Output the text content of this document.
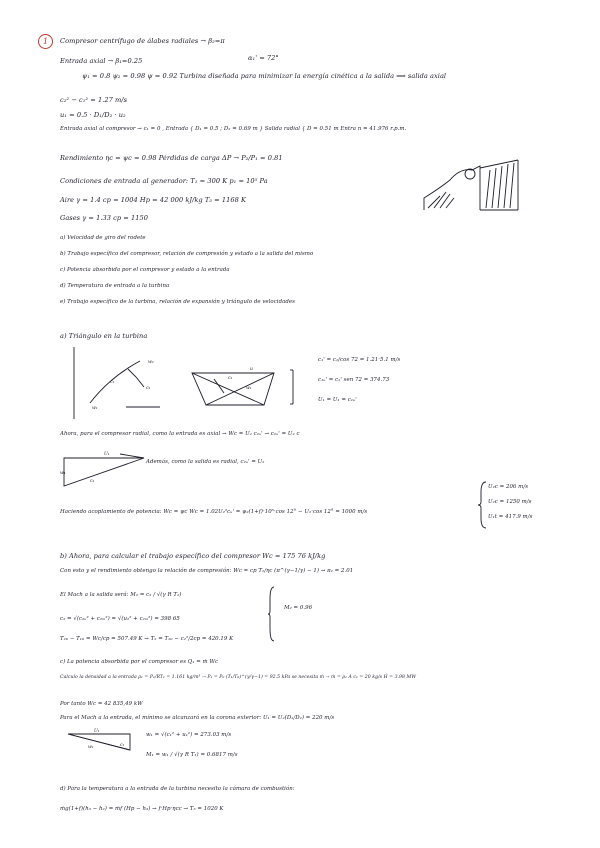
1	Compresor centrífugo de álabes radiales → β₂=π
α₁' = 72°
Entrada axial → β₁=0.25
ψ₁ = 0.8 ψ₂ = 0.98 ψ = 0.92 Turbina diseñada para minimizar la energía cinética a la salida ⟹ salida axial
c₂² − c₁² = 1.27 m/s
u₁ = 0.5 · D₁/D₂ · u₂
Entrada axial al compresor → c₁ = 0 , Entrada { D₁ = 0.5 ; D₂ = 0.69 m } Salida radial { D = 0.51 m Entra n = 41.976 r.p.m.
Rendimiento ηc = ψc = 0.98 Pérdidas de carga ΔP → P₂/P₁ = 0.81
Condiciones de entrada al generador: T₁ = 300 K p₁ = 10⁵ Pa
Aire γ = 1.4 cp = 1004 Hp = 42 000 kJ/kg T₃ = 1168 K
Gases γ = 1.33 cp = 1150
a) Velocidad de giro del rodete
b) Trabajo específico del compresor, relación de compresión y estado a la salida del mismo
c) Potencia absorbida por el compresor y estado a la entrada
d) Temperatura de entrada a la turbina
e) Trabajo específico de la turbina, relación de expansión y triángulo de velocidades
a) Triángulo en la turbina
c₁
c₂
w₂
w₁
u
c₁
w₁
c₁' = c₁/cos 72 = 1.21·5.1 m/s
c₁ᵤ' = c₁' sen 72 = 374.73
U₁ = U₁ = c₁ᵤ'
Ahora, para el compresor radial, como la entrada es axial → Wc = U₂ c₂ᵤ' → c₂ᵤ' = U₂ c
U₁
w₁
c₁
Además, como la salida es radial, c₂ᵤ' = U₂
Haciendo acoplamiento de potencia: Wc = ψc Wc = 1.02U₂²cᵤ' = ψ₂(1+f)·10⁵·cos 12° − U₂·cos 12° = 1000 m/s
U₂c = 206 m/s
U₂c = 1250 m/s
U₁t = 417.9 m/s
b) Ahora, para calcular el trabajo específico del compresor Wc = 175 76 kJ/kg
Con esto y el rendimiento obtengo la relación de compresión: Wc = cp T₁/ηc (π^(γ−1/γ) − 1) → π₂ = 2.01
El Mach a la salida será: M₂ = c₂ / √(γ R T₂)
M₂ = 0.96
c₂ = √(c₂ᵤ² + c₂ₘ²) = √(u₂² + c₂ₘ²) = 398 65
T₂₀ − T₁₀ = Wc/cp = 507.49 K → T₂ = T₂₀ − c₂²/2cp = 420.19 K
c) La potencia absorbida por el compresor es Q₁ = ṁ Wc
Calculo la densidad a la entrada ρ₁ = P₁/RT₁ = 1.161 kg/m³ → P₁ = P₀ (T₁/T₀)^(γ/γ−1) = 92.5 kPa se necesita ṁ → ṁ = ρ₁ A c₁ = 20 kg/s Ḣ = 3.98 MW
Por tanto Wc = 42 835,49 kW
Para el Mach a la entrada, el mínimo se alcanzará en la corona exterior: U₁ = U₂(D₁/D₂) = 220 m/s
U₁
c₁
w₁
w₁ = √(c₁² + u₁²) = 273.03 m/s
M₁ = w₁ / √(γ R T₁) = 0.6817 m/s
d) Para la temperatura a la entrada de la turbina necesito la cámara de combustión:
ṁg(1+f)(h₃ − h₂) = ṁf (Hp − h₃) → f·Hp·ηcc → T₃ = 1020 K
